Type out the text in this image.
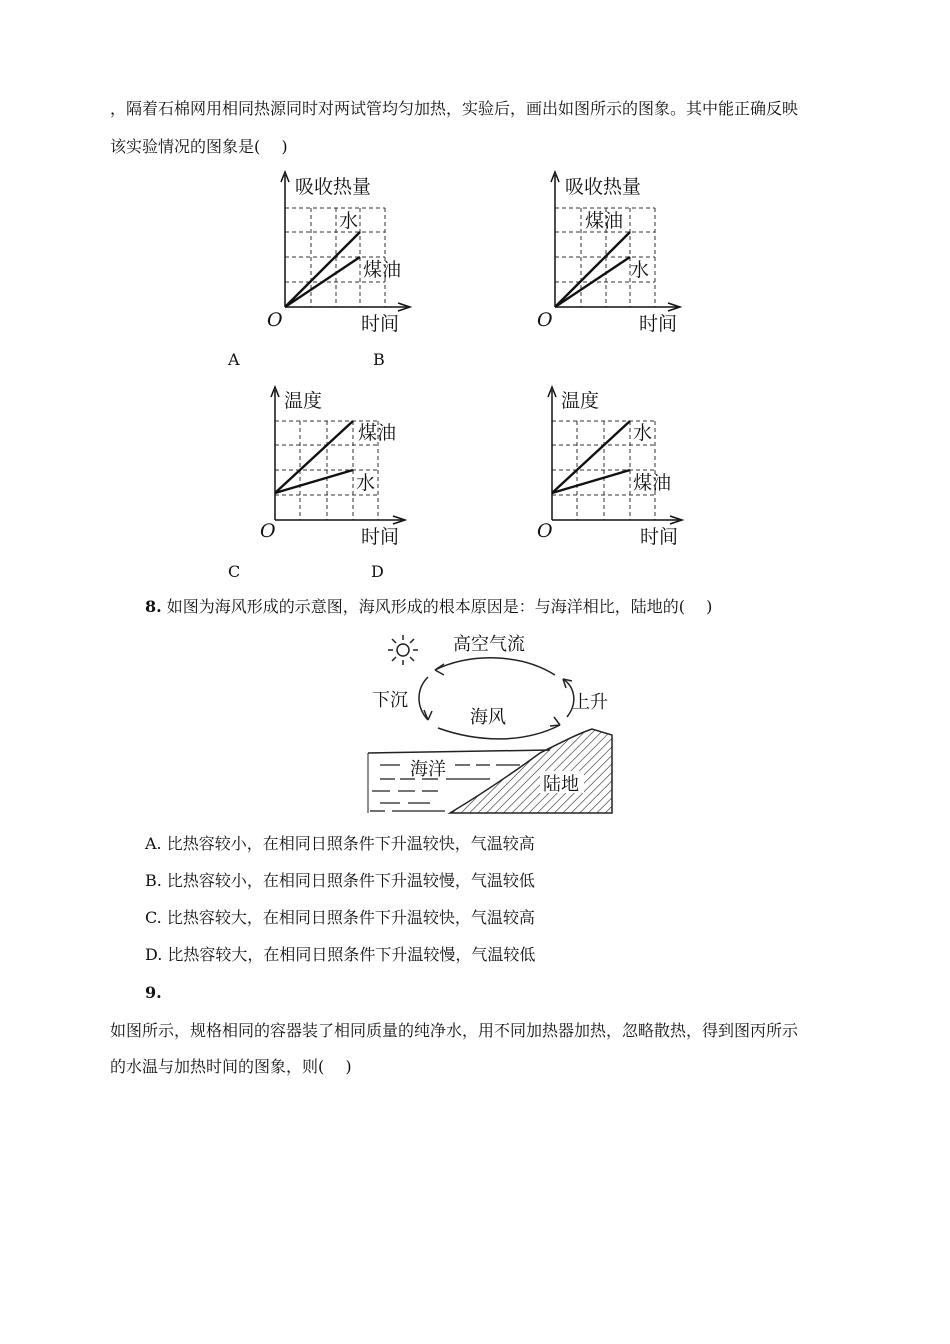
，隔着石棉网用相同热源同时对两试管均匀加热，实验后，画出如图所示的图象。其中能正确反映
该实验情况的图象是(　 )
吸收热量
水
煤油
O	时间
吸收热量
煤油
水
O	时间
A	B
温度
煤油
水
O	时间
温度
水
煤油
O	时间
C	D
8. 如图为海风形成的示意图，海风形成的根本原因是：与海洋相比，陆地的(　 )
高空气流
下沉	上升
海风
海洋
陆地
A. 比热容较小，在相同日照条件下升温较快，气温较高
B. 比热容较小，在相同日照条件下升温较慢，气温较低
C. 比热容较大，在相同日照条件下升温较快，气温较高
D. 比热容较大，在相同日照条件下升温较慢，气温较低
9.
如图所示，规格相同的容器装了相同质量的纯净水，用不同加热器加热，忽略散热，得到图丙所示
的水温与加热时间的图象，则(　 )
